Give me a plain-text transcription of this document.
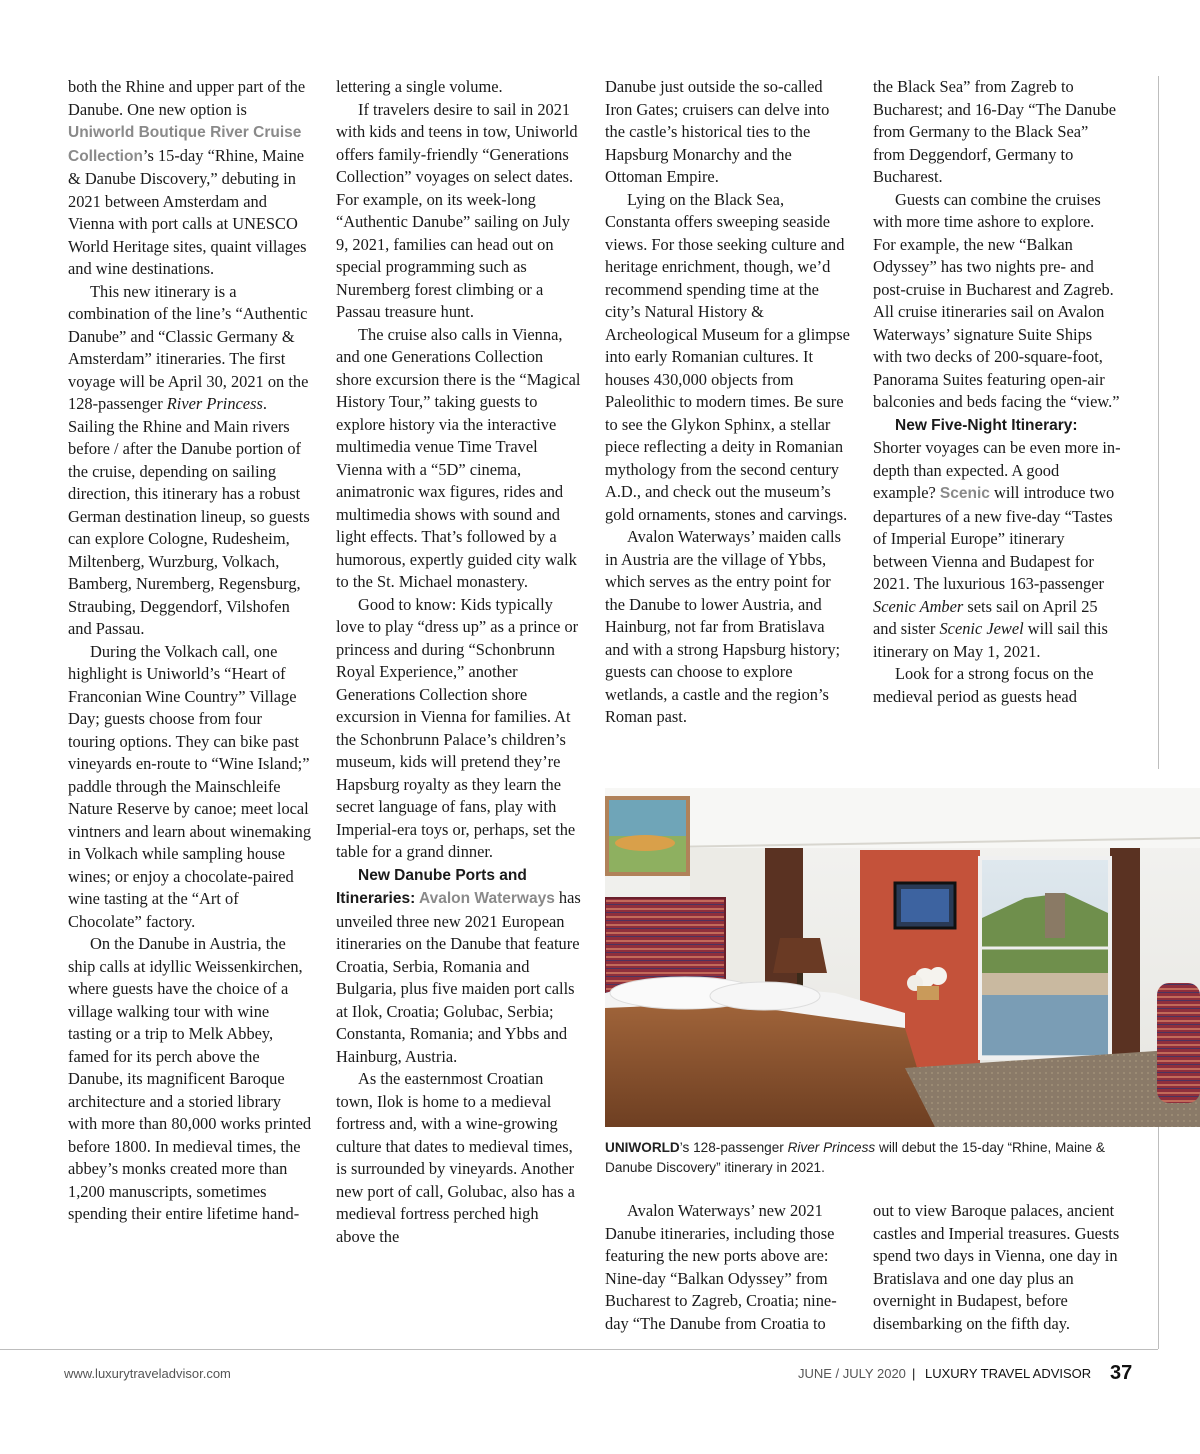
both the Rhine and upper part of the Danube. One new option is Uniworld Boutique River Cruise Collection’s 15-day “Rhine, Maine & Danube Discovery,” debuting in 2021 between Amsterdam and Vienna with port calls at UNESCO World Heritage sites, quaint villages and wine destinations.

This new itinerary is a combination of the line’s “Authentic Danube” and “Classic Germany & Amsterdam” itineraries. The first voyage will be April 30, 2021 on the 128-passenger River Princess. Sailing the Rhine and Main rivers before / after the Danube portion of the cruise, depending on sailing direction, this itinerary has a robust German destination lineup, so guests can explore Cologne, Rudesheim, Miltenberg, Wurzburg, Volkach, Bamberg, Nuremberg, Regensburg, Straubing, Deggendorf, Vilshofen and Passau.

During the Volkach call, one highlight is Uniworld’s “Heart of Franconian Wine Country” Village Day; guests choose from four touring options. They can bike past vineyards en-route to “Wine Island;” paddle through the Mainschleife Nature Reserve by canoe; meet local vintners and learn about winemaking in Volkach while sampling house wines; or enjoy a chocolate-paired wine tasting at the “Art of Chocolate” factory.

On the Danube in Austria, the ship calls at idyllic Weissenkirchen, where guests have the choice of a village walking tour with wine tasting or a trip to Melk Abbey, famed for its perch above the Danube, its magnificent Baroque architecture and a storied library with more than 80,000 works printed before 1800. In medieval times, the abbey’s monks created more than 1,200 manuscripts, sometimes spending their entire lifetime hand-

lettering a single volume.

If travelers desire to sail in 2021 with kids and teens in tow, Uniworld offers family-friendly “Generations Collection” voyages on select dates. For example, on its week-long “Authentic Danube” sailing on July 9, 2021, families can head out on special programming such as Nuremberg forest climbing or a Passau treasure hunt.

The cruise also calls in Vienna, and one Generations Collection shore excursion there is the “Magical History Tour,” taking guests to explore history via the interactive multimedia venue Time Travel Vienna with a “5D” cinema, animatronic wax figures, rides and multimedia shows with sound and light effects. That’s followed by a humorous, expertly guided city walk to the St. Michael monastery.

Good to know: Kids typically love to play “dress up” as a prince or princess and during “Schonbrunn Royal Experience,” another Generations Collection shore excursion in Vienna for families. At the Schonbrunn Palace’s children’s museum, kids will pretend they’re Hapsburg royalty as they learn the secret language of fans, play with Imperial-era toys or, perhaps, set the table for a grand dinner.

New Danube Ports and Itineraries: Avalon Waterways has unveiled three new 2021 European itineraries on the Danube that feature Croatia, Serbia, Romania and Bulgaria, plus five maiden port calls at Ilok, Croatia; Golubac, Serbia; Constanta, Romania; and Ybbs and Hainburg, Austria.

As the easternmost Croatian town, Ilok is home to a medieval fortress and, with a wine-growing culture that dates to medieval times, is surrounded by vineyards. Another new port of call, Golubac, also has a medieval fortress perched high above the

Danube just outside the so-called Iron Gates; cruisers can delve into the castle’s historical ties to the Hapsburg Monarchy and the Ottoman Empire.

Lying on the Black Sea, Constanta offers sweeping seaside views. For those seeking culture and heritage enrichment, though, we’d recommend spending time at the city’s Natural History & Archeological Museum for a glimpse into early Romanian cultures. It houses 430,000 objects from Paleolithic to modern times. Be sure to see the Glykon Sphinx, a stellar piece reflecting a deity in Romanian mythology from the second century A.D., and check out the museum’s gold ornaments, stones and carvings.

Avalon Waterways’ maiden calls in Austria are the village of Ybbs, which serves as the entry point for the Danube to lower Austria, and Hainburg, not far from Bratislava and with a strong Hapsburg history; guests can choose to explore wetlands, a castle and the region’s Roman past.

the Black Sea” from Zagreb to Bucharest; and 16-Day “The Danube from Germany to the Black Sea” from Deggendorf, Germany to Bucharest.

Guests can combine the cruises with more time ashore to explore. For example, the new “Balkan Odyssey” has two nights pre- and post-cruise in Bucharest and Zagreb. All cruise itineraries sail on Avalon Waterways’ signature Suite Ships with two decks of 200-square-foot, Panorama Suites featuring open-air balconies and beds facing the “view.”

New Five-Night Itinerary: Shorter voyages can be even more in-depth than expected. A good example? Scenic will introduce two departures of a new five-day “Tastes of Imperial Europe” itinerary between Vienna and Budapest for 2021. The luxurious 163-passenger Scenic Amber sets sail on April 25 and sister Scenic Jewel will sail this itinerary on May 1, 2021.

Look for a strong focus on the medieval period as guests head

UNIWORLD’s 128-passenger River Princess will debut the 15-day “Rhine, Maine & Danube Discovery” itinerary in 2021.

Avalon Waterways’ new 2021 Danube itineraries, including those featuring the new ports above are: Nine-day “Balkan Odyssey” from Bucharest to Zagreb, Croatia; nine-day “The Danube from Croatia to

out to view Baroque palaces, ancient castles and Imperial treasures. Guests spend two days in Vienna, one day in Bratislava and one day plus an overnight in Budapest, before disembarking on the fifth day.

www.luxurytraveladvisor.com	JUNE / JULY 2020 | LUXURY TRAVEL ADVISOR 37
